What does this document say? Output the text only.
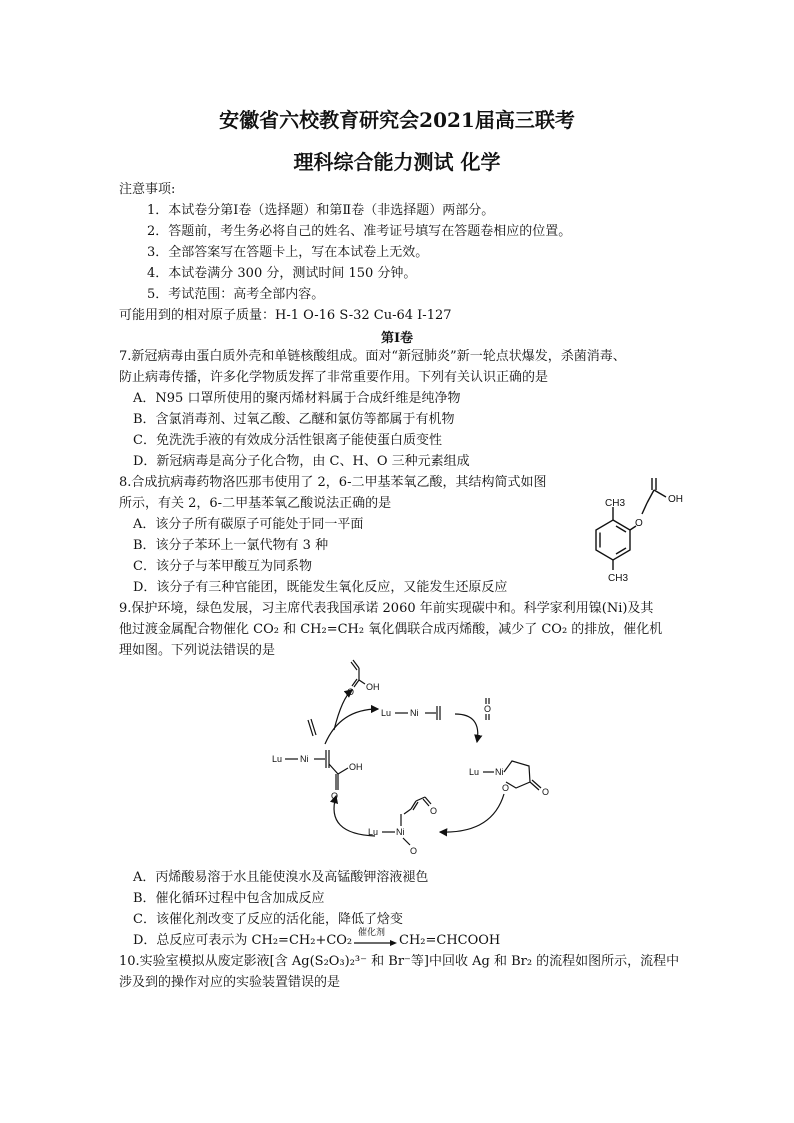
安徽省六校教育研究会2021届高三联考
理科综合能力测试 化学
注意事项:
1．本试卷分第Ⅰ卷（选择题）和第Ⅱ卷（非选择题）两部分。
2．答题前，考生务必将自己的姓名、准考证号填写在答题卷相应的位置。
3．全部答案写在答题卡上，写在本试卷上无效。
4．本试卷满分 300 分，测试时间 150 分钟。
5．考试范围：高考全部内容。
可能用到的相对原子质量：H-1 O-16 S-32 Cu-64 I-127
第Ⅰ卷
7.新冠病毒由蛋白质外壳和单链核酸组成。面对“新冠肺炎”新一轮点状爆发，杀菌消毒、
防止病毒传播，许多化学物质发挥了非常重要作用。下列有关认识正确的是
A．N95 口罩所使用的聚丙烯材料属于合成纤维是纯净物
B．含氯消毒剂、过氧乙酸、乙醚和氯仿等都属于有机物
C．免洗洗手液的有效成分活性银离子能使蛋白质变性
D．新冠病毒是高分子化合物，由 C、H、O 三种元素组成
8.合成抗病毒药物洛匹那韦使用了 2，6-二甲基苯氧乙酸，其结构简式如图
所示，有关 2，6-二甲基苯氧乙酸说法正确的是
A．该分子所有碳原子可能处于同一平面
B．该分子苯环上一氯代物有 3 种
C．该分子与苯甲酸互为同系物
D．该分子有三种官能团，既能发生氧化反应，又能发生还原反应
O
OH
CH3
CH3
9.保护环境，绿色发展，习主席代表我国承诺 2060 年前实现碳中和。科学家利用镍(Ni)及其
他过渡金属配合物催化 CO₂ 和 CH₂=CH₂ 氧化偶联合成丙烯酸，减少了 CO₂ 的排放，催化机
理如图。下列说法错误的是
Lu Ni	O
Lu Ni
O	O
Lu Ni
OH
O
OH
O
Lu Ni
O
O
A．丙烯酸易溶于水且能使溴水及高锰酸钾溶液褪色
B．催化循环过程中包含加成反应
C．该催化剂改变了反应的活化能，降低了焓变
D．总反应可表示为 CH₂=CH₂+CO₂ 催化剂 CH₂=CHCOOH
10.实验室模拟从废定影液[含 Ag(S₂O₃)₂³⁻ 和 Br⁻等]中回收 Ag 和 Br₂ 的流程如图所示，流程中
涉及到的操作对应的实验装置错误的是
